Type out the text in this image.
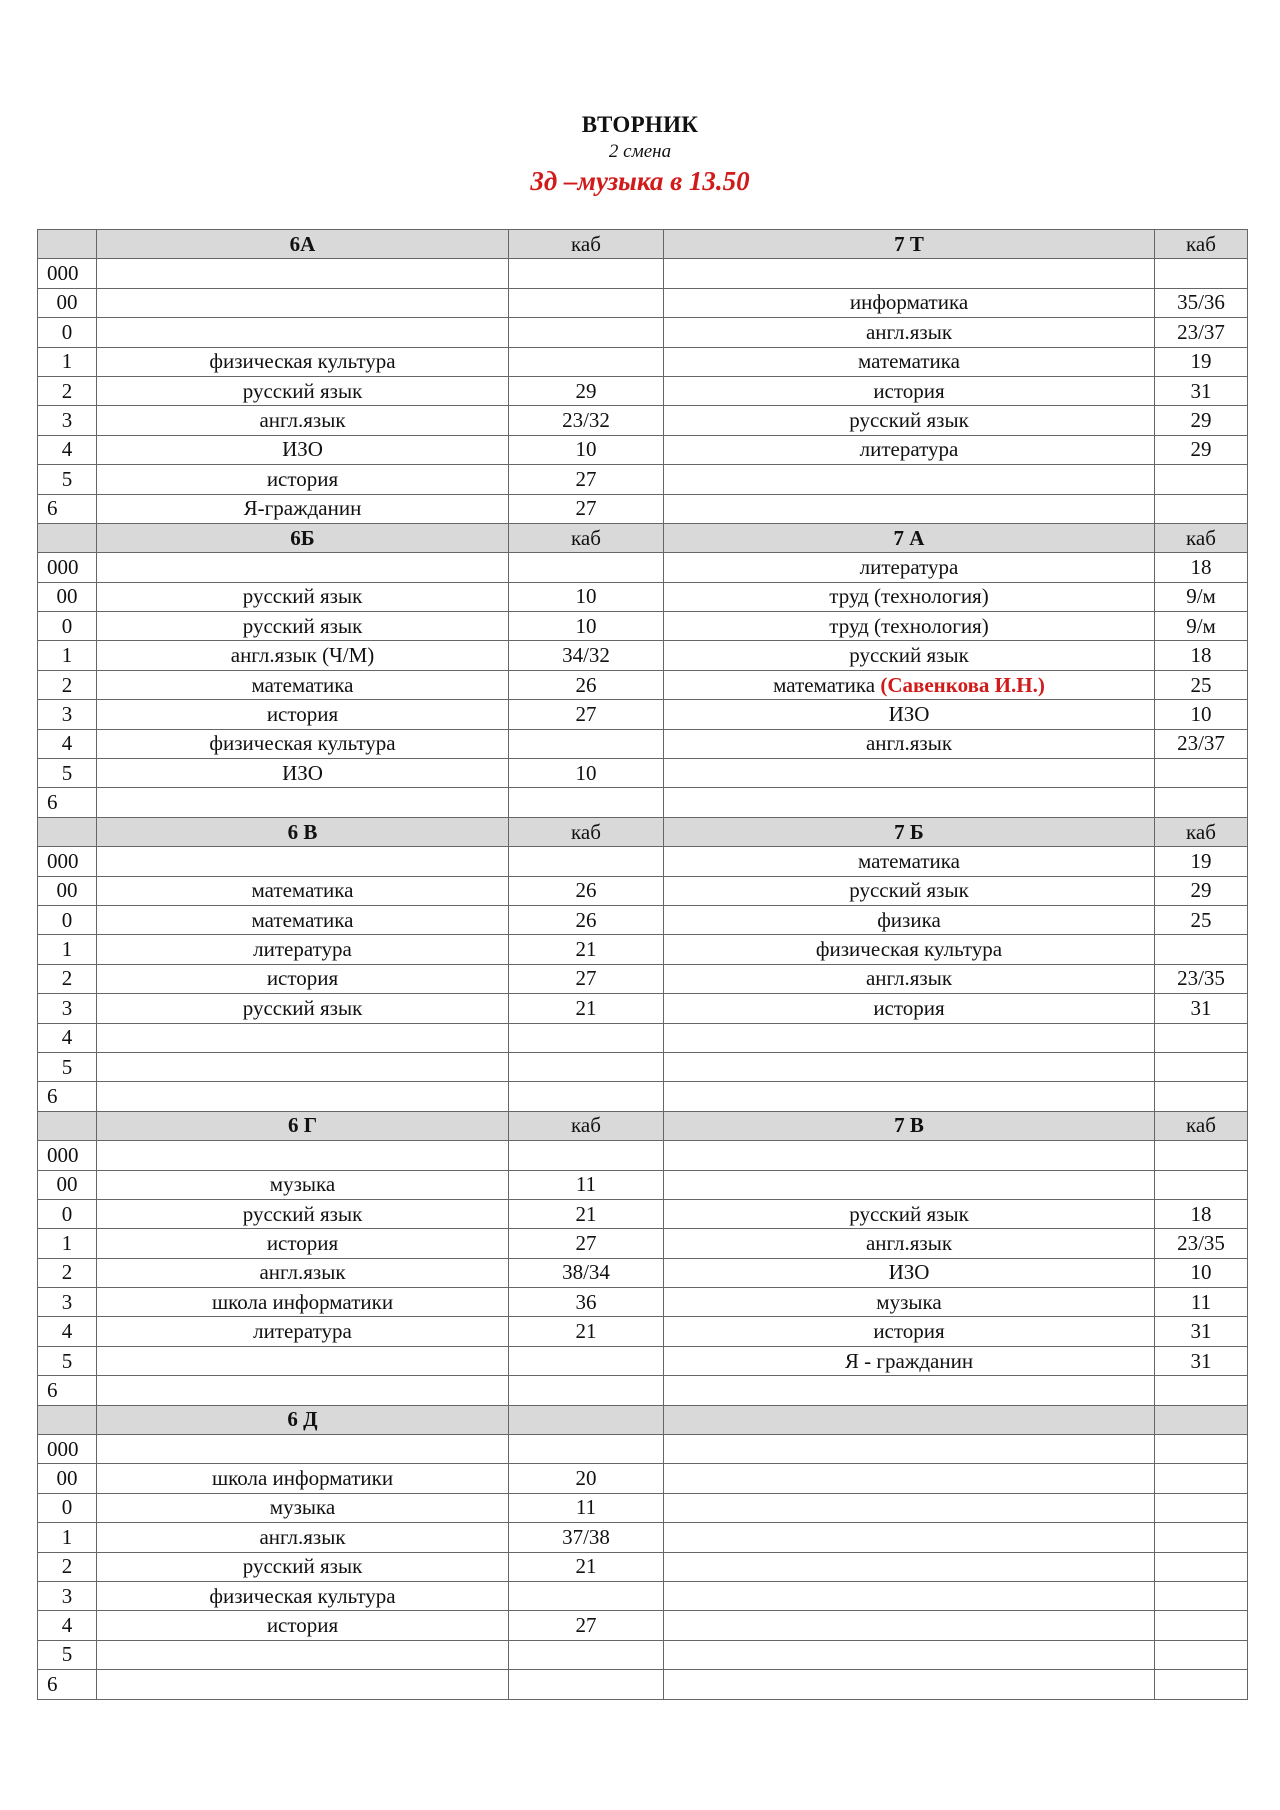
ВТОРНИК
2 смена
3д –музыка в 13.50
	6А	каб	7 Т	каб
000				
00			информатика	35/36
0			англ.язык	23/37
1	физическая культура		математика	19
2	русский язык	29	история	31
3	англ.язык	23/32	русский язык	29
4	ИЗО	10	литература	29
5	история	27		
6	Я-гражданин	27		
	6Б	каб	7 А	каб
000			литература	18
00	русский язык	10	труд (технология)	9/м
0	русский язык	10	труд (технология)	9/м
1	англ.язык (Ч/М)	34/32	русский язык	18
2	математика	26	математика (Савенкова И.Н.)	25
3	история	27	ИЗО	10
4	физическая культура		англ.язык	23/37
5	ИЗО	10		
6				
	6 В	каб	7 Б	каб
000			математика	19
00	математика	26	русский язык	29
0	математика	26	физика	25
1	литература	21	физическая культура	
2	история	27	англ.язык	23/35
3	русский язык	21	история	31
4				
5				
6				
	6 Г	каб	7 В	каб
000				
00	музыка	11		
0	русский язык	21	русский язык	18
1	история	27	англ.язык	23/35
2	англ.язык	38/34	ИЗО	10
3	школа информатики	36	музыка	11
4	литература	21	история	31
5			Я - гражданин	31
6				
	6 Д			
000				
00	школа информатики	20		
0	музыка	11		
1	англ.язык	37/38		
2	русский язык	21		
3	физическая культура			
4	история	27		
5				
6				
